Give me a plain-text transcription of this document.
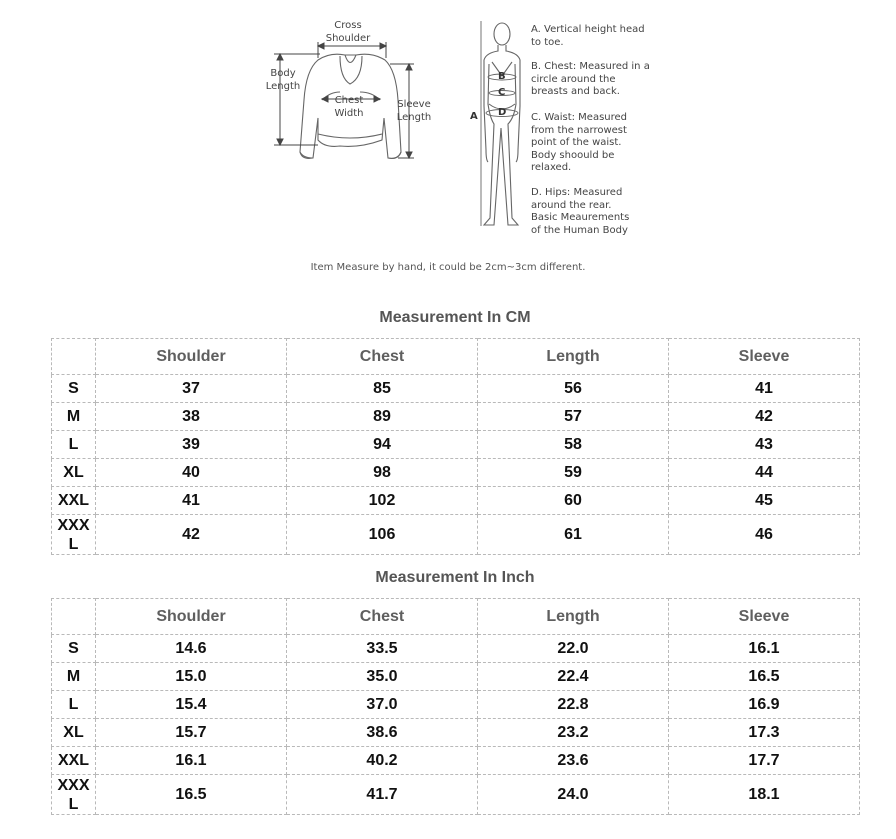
Cross
Shoulder
Body
Length
Chest
Width
Sleeve
Length
B
C
D
A
A. Vertical height head
to toe.
B. Chest: Measured in a
circle around the
breasts and back.
C. Waist: Measured
from the narrowest
point of the waist.
Body shoould be
relaxed.
D. Hips: Measured
around the rear.
Basic Meaurements
of the Human Body
Item Measure by hand, it could be 2cm~3cm different.
Measurement In CM
	Shoulder	Chest	Length	Sleeve
S	37	85	56	41
M	38	89	57	42
L	39	94	58	43
XL	40	98	59	44
XXL	41	102	60	45
XXX
L	42	106	61	46
Measurement In Inch
	Shoulder	Chest	Length	Sleeve
S	14.6	33.5	22.0	16.1
M	15.0	35.0	22.4	16.5
L	15.4	37.0	22.8	16.9
XL	15.7	38.6	23.2	17.3
XXL	16.1	40.2	23.6	17.7
XXX
L	16.5	41.7	24.0	18.1
